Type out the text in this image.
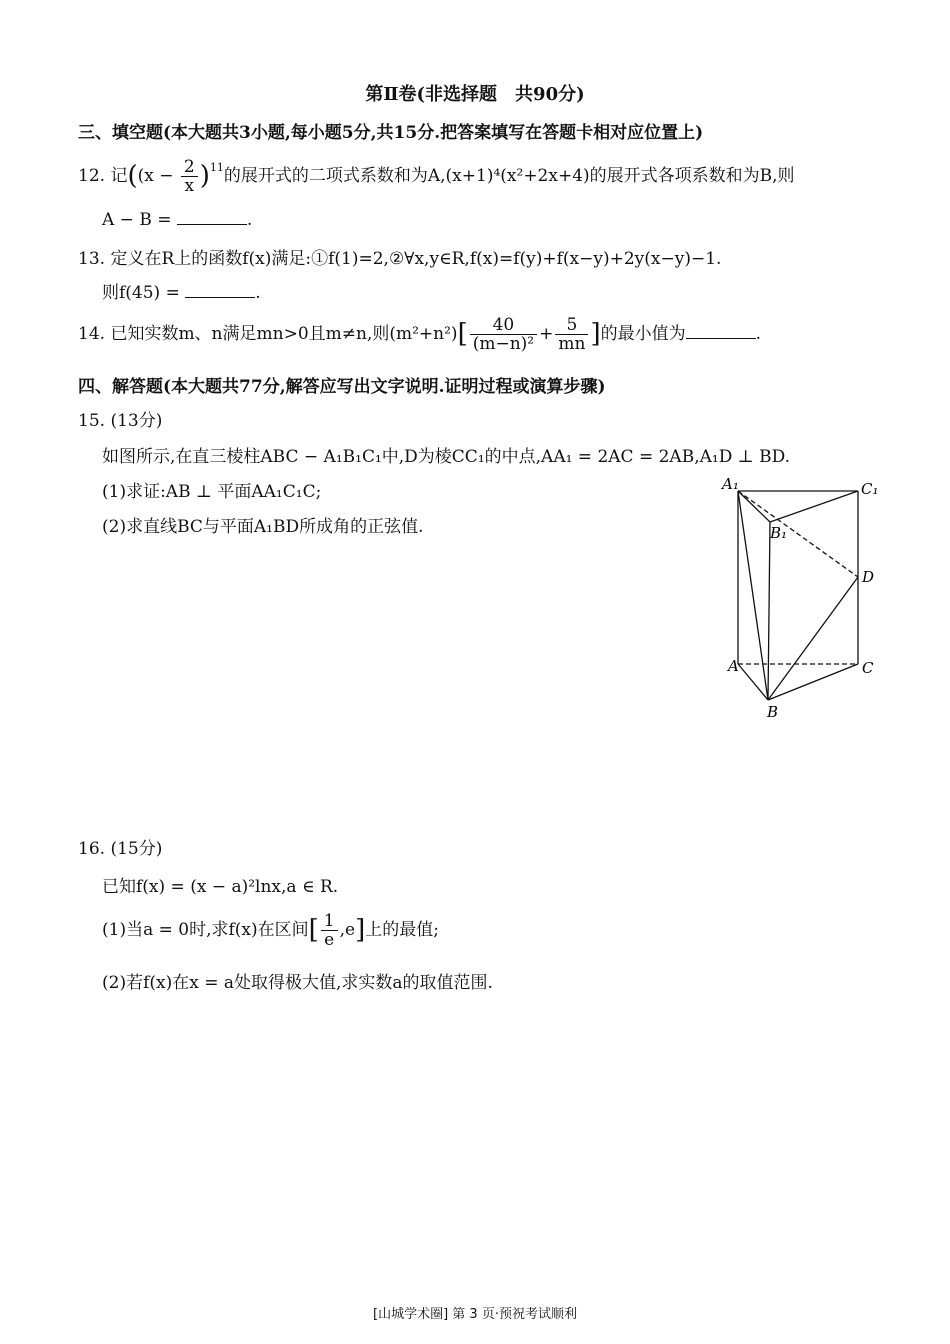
第Ⅱ卷(非选择题　共90分)
三、填空题(本大题共3小题,每小题5分,共15分.把答案填写在答题卡相对应位置上)
12. 记($(x - \frac{2}{x} )^{11}$的展开式的二项式系数和为A,(x+1)⁴(x²+2x+4)的展开式各项系数和为B,则
A − B =	.
13. 定义在R上的函数f(x)满足:①f(1)=2,②∀x,y∈R,f(x)=f(y)+f(x−y)+2y(x−y)−1.
则f(45) =	.
14. 已知实数m、n满足mn>0且m≠n,则$(m^2+n^2)[ \frac{40}{\text{(m−n)²}} + \frac{5}{mn}$ ]的最小值为	.
四、解答题(本大题共77分,解答应写出文字说明.证明过程或演算步骤)
15. (13分)
如图所示,在直三棱柱ABC − A₁B₁C₁中,D为棱CC₁的中点,AA₁ = 2AC = 2AB,A₁D ⊥ BD.
(1)求证:AB ⊥ 平面AA₁C₁C;
(2)求直线BC与平面A₁BD所成角的正弦值.
A₁	C₁
B₁
D
A	C
B
16. (15分)
已知f(x) = (x − a)²lnx,a ∈ R.
(1)当a = 0时,求f(x)在区间[ $\frac{1}{e} ,e$]上的最值;
(2)若f(x)在x = a处取得极大值,求实数a的取值范围.
[山城学术圈] 第 3 页·预祝考试顺利
